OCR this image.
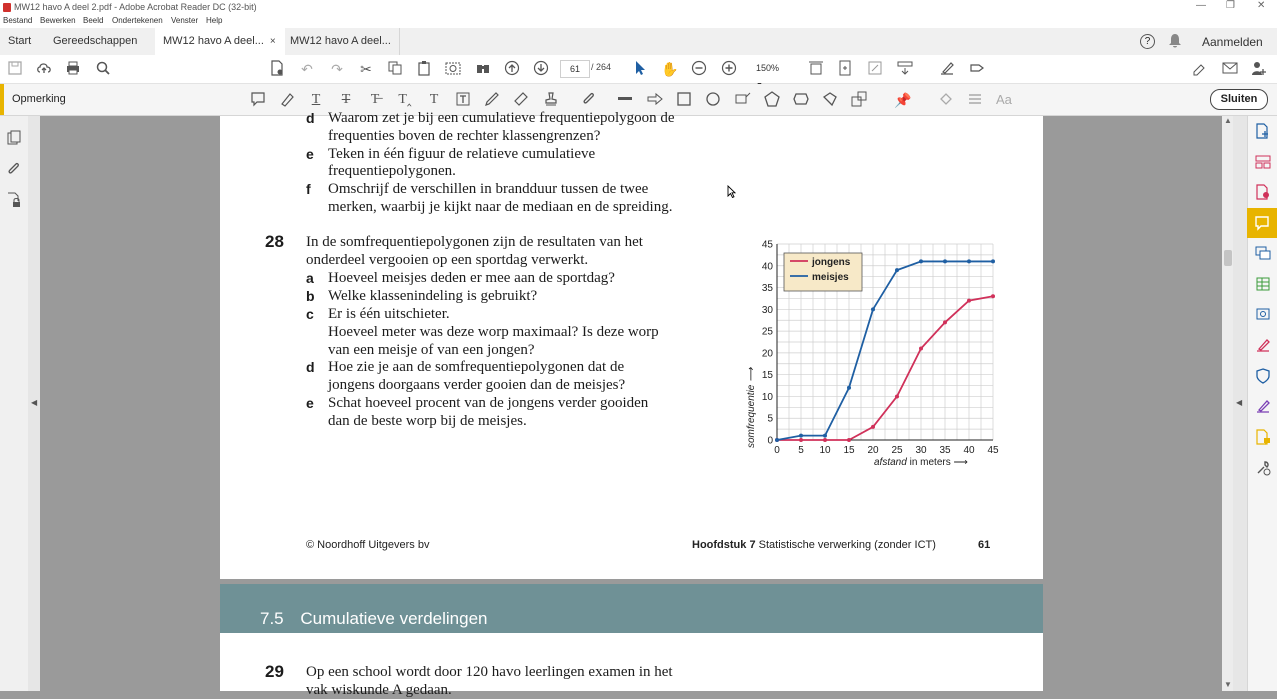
MW12 havo A deel 2.pdf - Adobe Acrobat Reader DC (32-bit)	— ❐ ✕
Bestand Bewerken Beeld Ondertekenen Venster Help
Start	Gereedschappen	MW12 havo A deel... ×	MW12 havo A deel...	?	Aanmelden
↶ ↷ ✂	✋
61	/ 264	150%
Opmerking	T	T	T̶	T‸	T	📌	Aa	Sluiten
◀
d Waarom zet je bij een cumulatieve frequentiepolygoon de
frequenties boven de rechter klassengrenzen?
e Teken in één figuur de relatieve cumulatieve
frequentiepolygonen.
f Omschrijf de verschillen in brandduur tussen de twee
merken, waarbij je kijkt naar de mediaan en de spreiding.
28 In de somfrequentiepolygonen zijn de resultaten van het
onderdeel vergooien op een sportdag verwerkt.
a Hoeveel meisjes deden er mee aan de sportdag?
b Welke klassenindeling is gebruikt?
c Er is één uitschieter.
Hoeveel meter was deze worp maximaal? Is deze worp
van een meisje of van een jongen?
d Hoe zie je aan de somfrequentiepolygonen dat de
jongens doorgaans verder gooien dan de meisjes?
e Schat hoeveel procent van de jongens verder gooiden
dan de beste worp bij de meisjes.
0 5 10 15 20 25 30 35 40 45
0
5
10
15
20
25
30
35
40
45
jongens
meisjes
somfrequentie ⟶
afstand in meters ⟶
© Noordhoff Uitgevers bv	Hoofdstuk 7 Statistische verwerking (zonder ICT)	61
7.5 Cumulatieve verdelingen
29 Op een school wordt door 120 havo leerlingen examen in het
vak wiskunde A gedaan.
▲
▼
◀
